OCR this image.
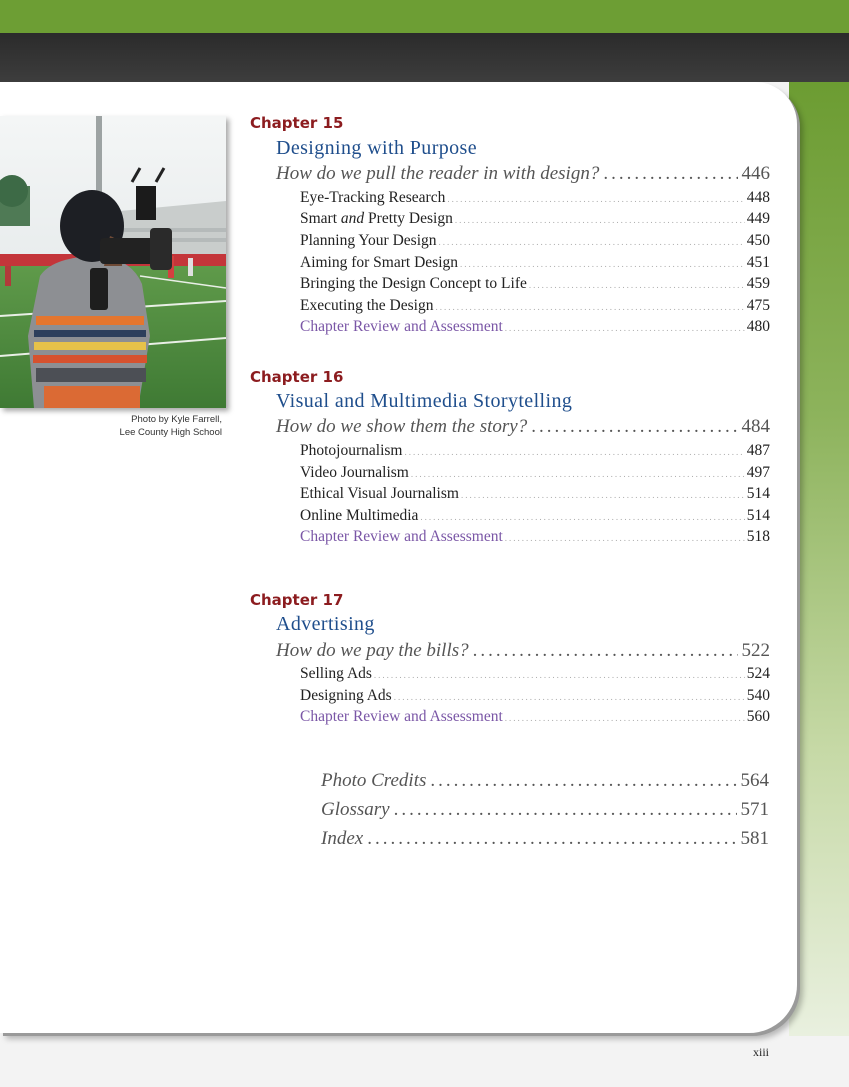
Photo by Kyle Farrell,
Lee County High School
Chapter 15
Designing with Purpose
How do we pull the reader in with design? .....	446
Eye-Tracking Research .....	448
Smart and Pretty Design .....	449
Planning Your Design .....	450
Aiming for Smart Design .....	451
Bringing the Design Concept to Life .....	459
Executing the Design .....	475
Chapter Review and Assessment .....	480
Chapter 16
Visual and Multimedia Storytelling
How do we show them the story? .....	484
Photojournalism .....	487
Video Journalism .....	497
Ethical Visual Journalism .....	514
Online Multimedia .....	514
Chapter Review and Assessment .....	518
Chapter 17
Advertising
How do we pay the bills? .....	522
Selling Ads .....	524
Designing Ads .....	540
Chapter Review and Assessment .....	560
Photo Credits .....	564
Glossary .....	571
Index .....	581
xiii
